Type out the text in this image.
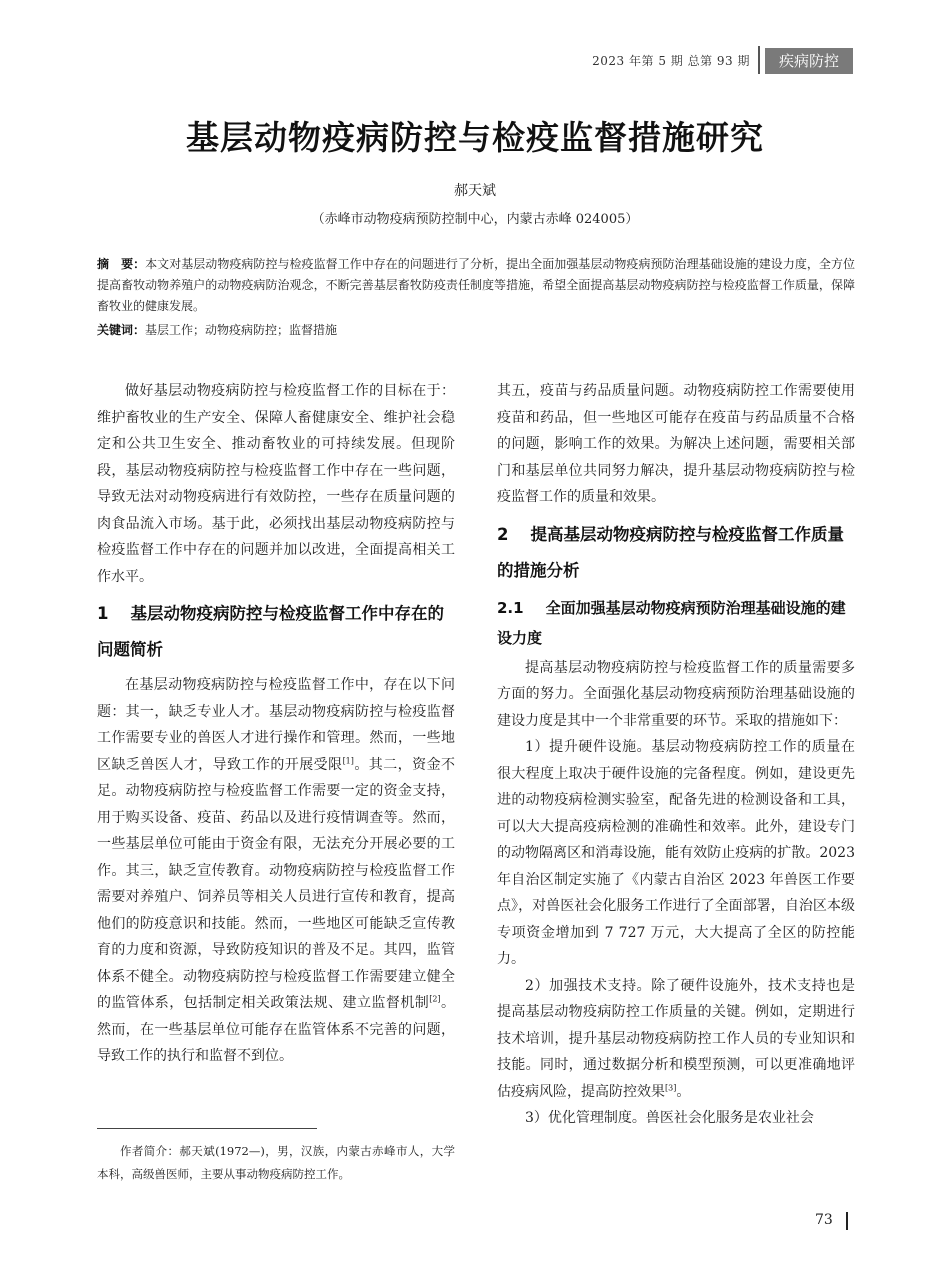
2023 年第 5 期 总第 93 期	疾病防控
基层动物疫病防控与检疫监督措施研究
郝天斌
（赤峰市动物疫病预防控制中心，内蒙古赤峰 024005）
摘　要：本文对基层动物疫病防控与检疫监督工作中存在的问题进行了分析，提出全面加强基层动物疫病预防治理基础设施的建设力度，全方位提高畜牧动物养殖户的动物疫病防治观念，不断完善基层畜牧防疫责任制度等措施，希望全面提高基层动物疫病防控与检疫监督工作质量，保障畜牧业的健康发展。
关键词：基层工作；动物疫病防控；监督措施

做好基层动物疫病防控与检疫监督工作的目标在于：维护畜牧业的生产安全、保障人畜健康安全、维护社会稳定和公共卫生安全、推动畜牧业的可持续发展。但现阶段，基层动物疫病防控与检疫监督工作中存在一些问题，导致无法对动物疫病进行有效防控，一些存在质量问题的肉食品流入市场。基于此，必须找出基层动物疫病防控与检疫监督工作中存在的问题并加以改进，全面提高相关工作水平。

1 基层动物疫病防控与检疫监督工作中存在的问题简析

在基层动物疫病防控与检疫监督工作中，存在以下问题：其一，缺乏专业人才。基层动物疫病防控与检疫监督工作需要专业的兽医人才进行操作和管理。然而，一些地区缺乏兽医人才，导致工作的开展受限[1]。其二，资金不足。动物疫病防控与检疫监督工作需要一定的资金支持，用于购买设备、疫苗、药品以及进行疫情调查等。然而，一些基层单位可能由于资金有限，无法充分开展必要的工作。其三，缺乏宣传教育。动物疫病防控与检疫监督工作需要对养殖户、饲养员等相关人员进行宣传和教育，提高他们的防疫意识和技能。然而，一些地区可能缺乏宣传教育的力度和资源，导致防疫知识的普及不足。其四，监管体系不健全。动物疫病防控与检疫监督工作需要建立健全的监管体系，包括制定相关政策法规、建立监督机制[2]。然而，在一些基层单位可能存在监管体系不完善的问题，导致工作的执行和监督不到位。

作者简介：郝天斌(1972—)，男，汉族，内蒙古赤峰市人，大学本科，高级兽医师，主要从事动物疫病防控工作。

其五，疫苗与药品质量问题。动物疫病防控工作需要使用疫苗和药品，但一些地区可能存在疫苗与药品质量不合格的问题，影响工作的效果。为解决上述问题，需要相关部门和基层单位共同努力解决，提升基层动物疫病防控与检疫监督工作的质量和效果。

2 提高基层动物疫病防控与检疫监督工作质量的措施分析
2.1 全面加强基层动物疫病预防治理基础设施的建设力度

提高基层动物疫病防控与检疫监督工作的质量需要多方面的努力。全面强化基层动物疫病预防治理基础设施的建设力度是其中一个非常重要的环节。采取的措施如下：

1）提升硬件设施。基层动物疫病防控工作的质量在很大程度上取决于硬件设施的完备程度。例如，建设更先进的动物疫病检测实验室，配备先进的检测设备和工具，可以大大提高疫病检测的准确性和效率。此外，建设专门的动物隔离区和消毒设施，能有效防止疫病的扩散。2023 年自治区制定实施了《内蒙古自治区 2023 年兽医工作要点》，对兽医社会化服务工作进行了全面部署，自治区本级专项资金增加到 7 727 万元，大大提高了全区的防控能力。

2）加强技术支持。除了硬件设施外，技术支持也是提高基层动物疫病防控工作质量的关键。例如，定期进行技术培训，提升基层动物疫病防控工作人员的专业知识和技能。同时，通过数据分析和模型预测，可以更准确地评估疫病风险，提高防控效果[3]。

3）优化管理制度。兽医社会化服务是农业社会

73
